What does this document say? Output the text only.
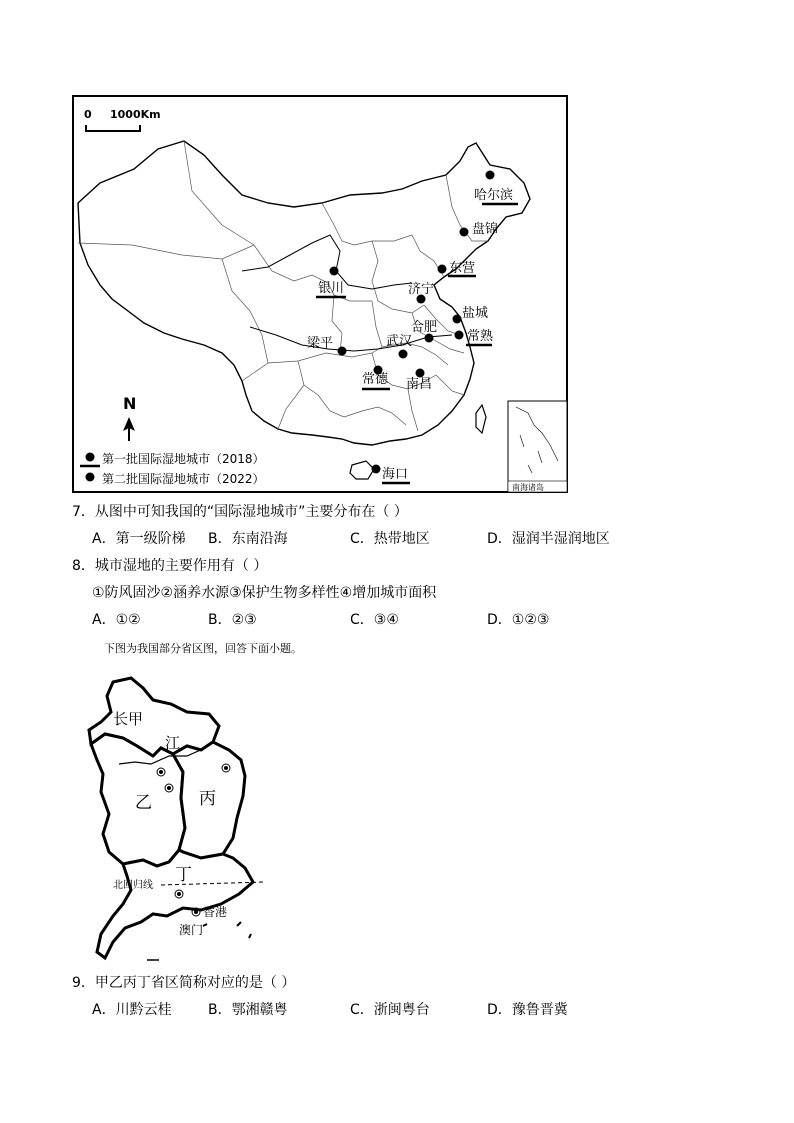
0 1000Km
南海诸岛
N
第一批国际湿地城市（2018）
第二批国际湿地城市（2022）
哈尔滨
盘锦
东营
银川	济宁
盐城
合肥
常熟
梁平	武汉
常德 南昌
海口
7．从图中可知我国的“国际湿地城市”主要分布在（ ）
A．第一级阶梯 B．东南沿海	C．热带地区	D．湿润半湿润地区
8．城市湿地的主要作用有（ ）
①防风固沙②涵养水源③保护生物多样性④增加城市面积
A．①②	B．②③	C．③④	D．①②③
下图为我国部分省区图，回答下面小题。
长甲
江
乙	丙
丁
北回归线
香港
澳门
9．甲乙丙丁省区简称对应的是（ ）
A．川黔云桂	B．鄂湘赣粤	C．浙闽粤台	D．豫鲁晋冀
